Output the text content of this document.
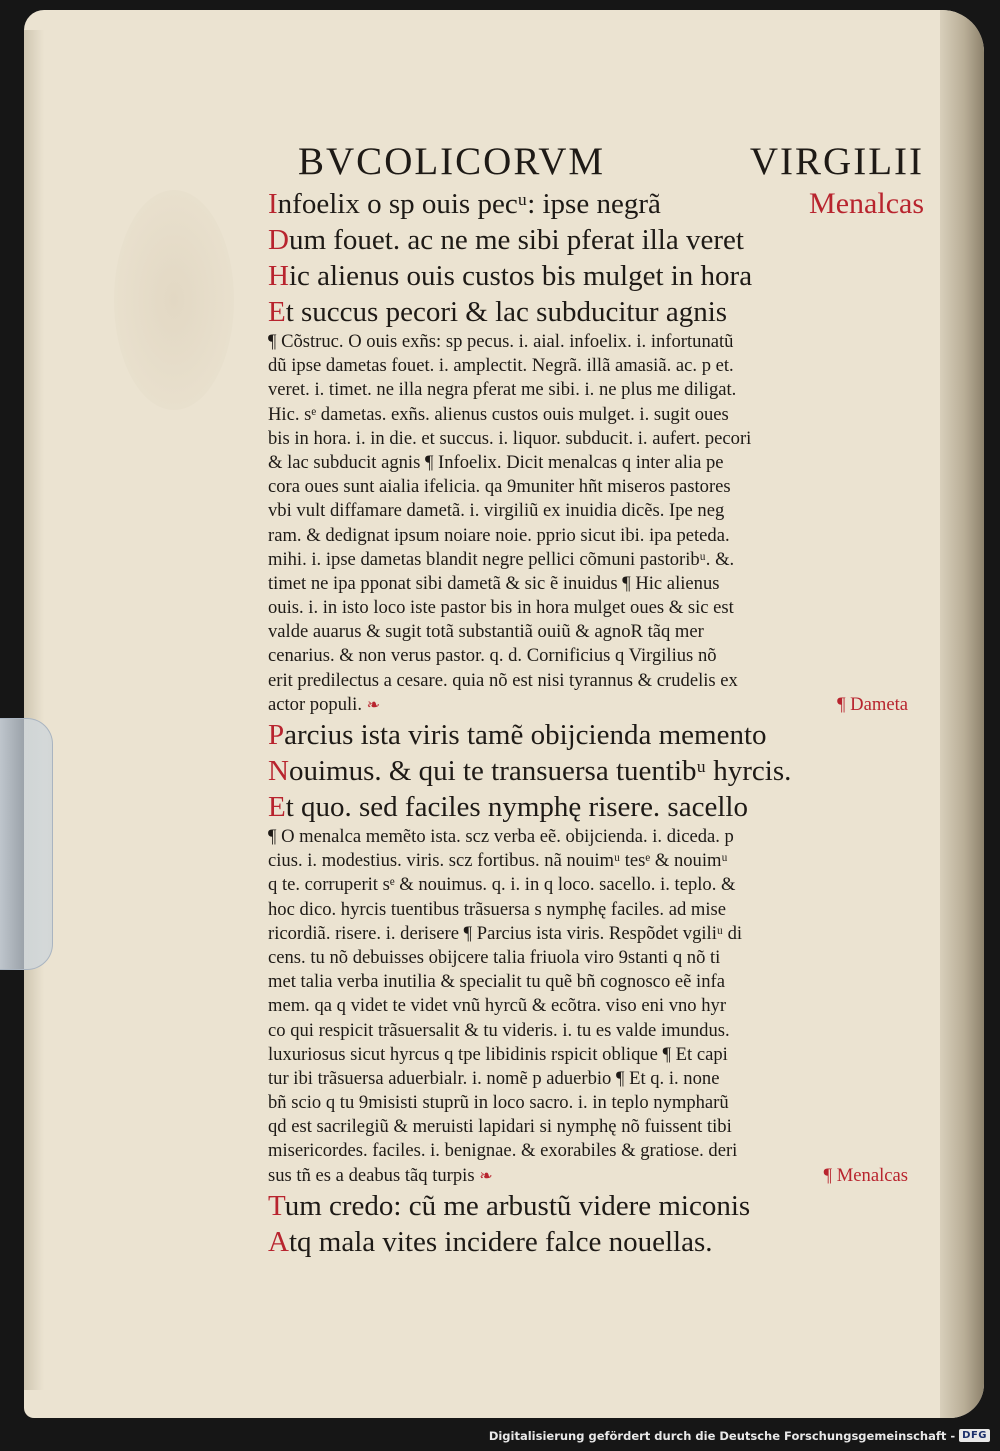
BVCOLICORVM	VIRGILII
Infoelix o sp ouis pecᵘ: ipse negrã	Menalcas
Dum fouet. ac ne me sibi pferat illa veret
Hic alienus ouis custos bis mulget in hora
Et succus pecori & lac subducitur agnis
¶ Cõstruc. O ouis exñs: sp pecus. i. aial. infoelix. i. infortunatũ
dũ ipse dametas fouet. i. amplectit. Negrã. illã amasiã. ac. p et.
veret. i. timet. ne illa negra pferat me sibi. i. ne plus me diligat.
Hic. sᵉ dametas. exñs. alienus custos ouis mulget. i. sugit oues
bis in hora. i. in die. et succus. i. liquor. subducit. i. aufert. pecori
& lac subducit agnis ¶ Infoelix. Dicit menalcas q inter alia pe
cora oues sunt aialia ifelicia. qa 9muniter hñt miseros pastores
vbi vult diffamare dametã. i. virgiliũ ex inuidia dicẽs. Ipe neg
ram. & dedignat ipsum noiare noie. pprio sicut ibi. ipa peteda.
mihi. i. ipse dametas blandit negre pellici cõmuni pastoribᵘ. &.
timet ne ipa pponat sibi dametã & sic ẽ inuidus ¶ Hic alienus
ouis. i. in isto loco iste pastor bis in hora mulget oues & sic est
valde auarus & sugit totã substantiã ouiũ & agnoR tãq mer
cenarius. & non verus pastor. q. d. Cornificius q Virgilius nõ
erit predilectus a cesare. quia nõ est nisi tyrannus & crudelis ex
actor populi. ❧	¶ Dameta
Parcius ista viris tamẽ obijcienda memento
Nouimus. & qui te transuersa tuentibᵘ hyrcis.
Et quo. sed faciles nymphę risere. sacello
¶ O menalca memẽto ista. scz verba eẽ. obijcienda. i. diceda. p
cius. i. modestius. viris. scz fortibus. nã nouimᵘ tesᵉ & nouimᵘ
q te. corruperit sᵉ & nouimus. q. i. in q loco. sacello. i. teplo. &
hoc dico. hyrcis tuentibus trãsuersa s nymphę faciles. ad mise
ricordiã. risere. i. derisere ¶ Parcius ista viris. Respõdet vgiliᵘ di
cens. tu nõ debuisses obijcere talia friuola viro 9stanti q nõ ti
met talia verba inutilia & specialit tu quẽ bñ cognosco eẽ infa
mem. qa q videt te videt vnũ hyrcũ & ecõtra. viso eni vno hyr
co qui respicit trãsuersalit & tu videris. i. tu es valde imundus.
luxuriosus sicut hyrcus q tpe libidinis rspicit oblique ¶ Et capi
tur ibi trãsuersa aduerbialr. i. nomẽ p aduerbio ¶ Et q. i. none
bñ scio q tu 9misisti stuprũ in loco sacro. i. in teplo nympharũ
qd est sacrilegiũ & meruisti lapidari si nymphę nõ fuissent tibi
misericordes. faciles. i. benignae. & exorabiles & gratiose. deri
sus tñ es a deabus tãq turpis ❧	¶ Menalcas
Tum credo: cũ me arbustũ videre miconis
Atq mala vites incidere falce nouellas.
Digitalisierung gefördert durch die Deutsche Forschungsgemeinschaft - DFG
